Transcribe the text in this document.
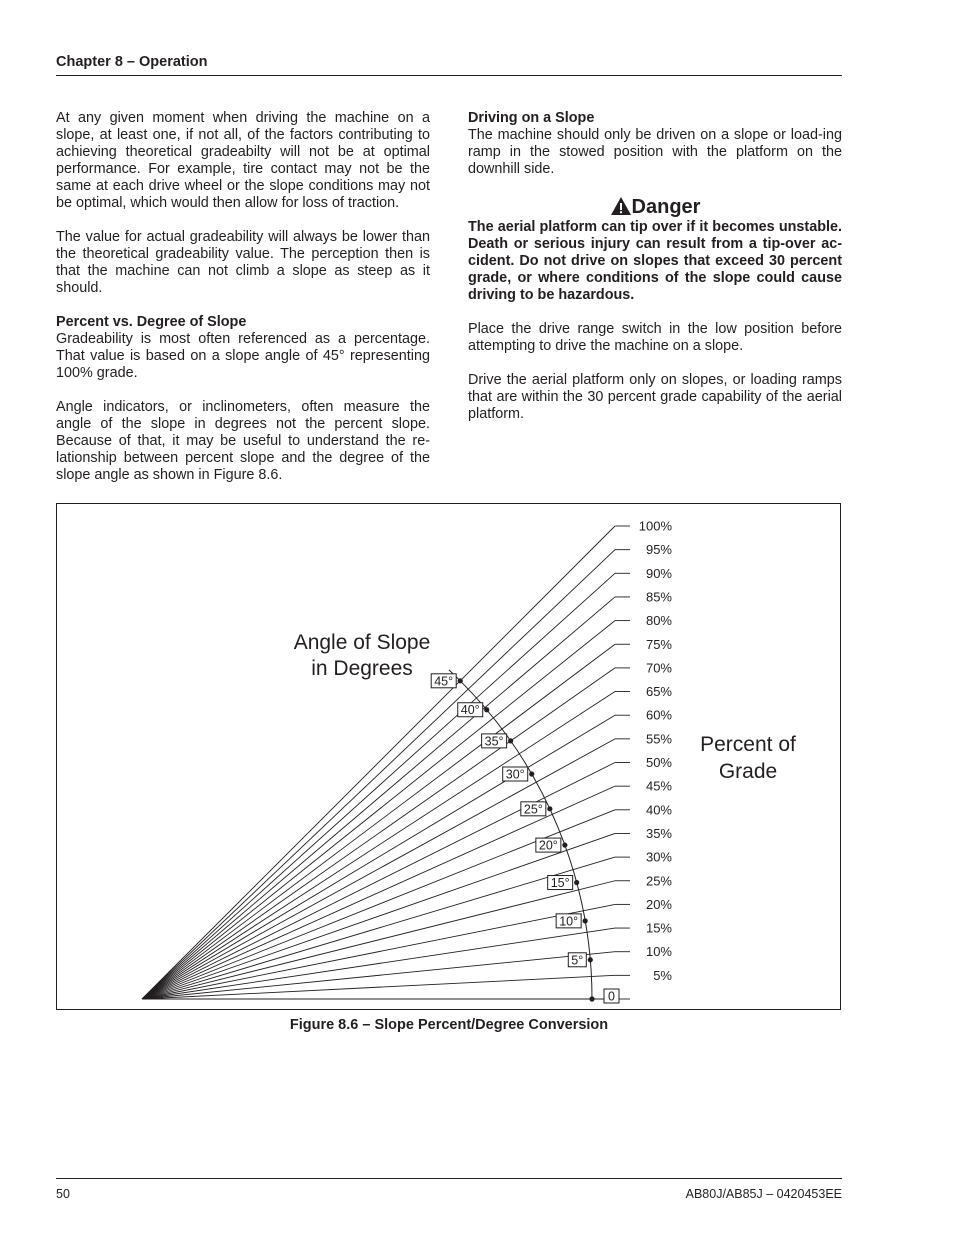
Chapter 8 – Operation

At any given moment when driving the machine on a slope, at least one, if not all, of the factors contributing to achieving theoretical gradeabilty will not be at optimal performance. For example, tire contact may not be the same at each drive wheel or the slope conditions may not be optimal, which would then allow for loss of traction.

The value for actual gradeability will always be lower than the theoretical gradeability value. The perception then is that the machine can not climb a slope as steep as it should.

Percent vs. Degree of Slope

Gradeability is most often referenced as a percentage. That value is based on a slope angle of 45° representing 100% grade.

Angle indicators, or inclinometers, often measure the angle of the slope in degrees not the percent slope. Because of that, it may be useful to understand the re-lationship between percent slope and the degree of the slope angle as shown in Figure 8.6.

Driving on a Slope

The machine should only be driven on a slope or load-ing ramp in the stowed position with the platform on the downhill side.

Danger

The aerial platform can tip over if it becomes unstable. Death or serious injury can result from a tip-over ac-cident. Do not drive on slopes that exceed 30 percent grade, or where conditions of the slope could cause driving to be hazardous.

Place the drive range switch in the low position before attempting to drive the machine on a slope.

Drive the aerial platform only on slopes, or loading ramps that are within the 30 percent grade capability of the aerial platform.

5%
10%
15%
20%
25%
30%
35%
40%
45%
50%
55%
60%
65%
70%
75%
80%
85%
90%
95%
100%
0
5°
10°
15°
20°
25°
30°
35°
40°
45°
Angle of Slope
in Degrees
Percent of
Grade
Figure 8.6 – Slope Percent/Degree Conversion
50	AB80J/AB85J – 0420453EE
